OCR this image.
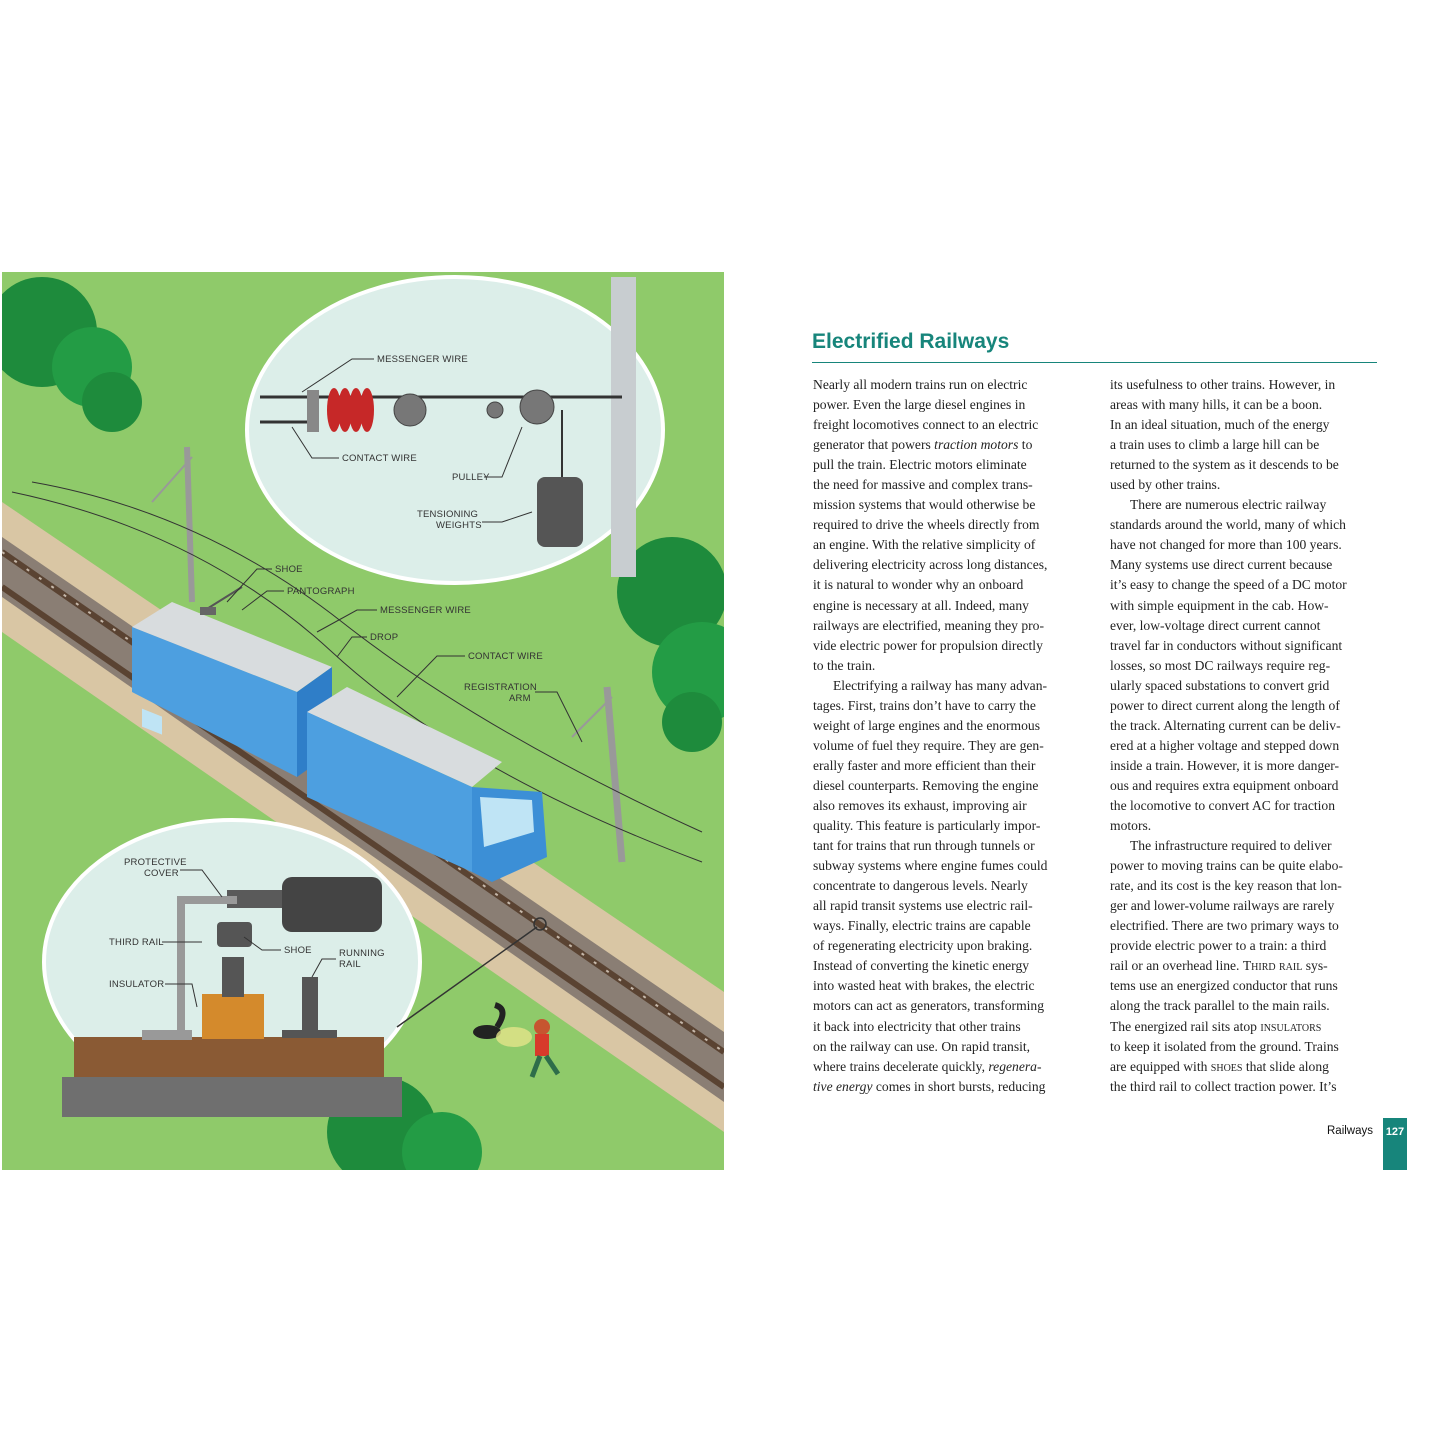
MESSENGER WIRE
CONTACT WIRE
PULLEY
TENSIONING
WEIGHTS
SHOE
PANTOGRAPH
MESSENGER WIRE
DROP
CONTACT WIRE
REGISTRATION
ARM
PROTECTIVE
COVER
THIRD RAIL
SHOE	RUNNING
RAIL
INSULATOR
Electrified Railways
Nearly all modern trains run on electric
power. Even the large diesel engines in
freight locomotives connect to an electric
generator that powers traction motors to
pull the train. Electric motors eliminate
the need for massive and complex trans-
mission systems that would otherwise be
required to drive the wheels directly from
an engine. With the relative simplicity of
delivering electricity across long distances,
it is natural to wonder why an onboard
engine is necessary at all. Indeed, many
railways are electrified, meaning they pro-
vide electric power for propulsion directly
to the train.
Electrifying a railway has many advan-
tages. First, trains don’t have to carry the
weight of large engines and the enormous
volume of fuel they require. They are gen-
erally faster and more efficient than their
diesel counterparts. Removing the engine
also removes its exhaust, improving air
quality. This feature is particularly impor-
tant for trains that run through tunnels or
subway systems where engine fumes could
concentrate to dangerous levels. Nearly
all rapid transit systems use electric rail-
ways. Finally, electric trains are capable
of regenerating electricity upon braking.
Instead of converting the kinetic energy
into wasted heat with brakes, the electric
motors can act as generators, transforming
it back into electricity that other trains
on the railway can use. On rapid transit,
where trains decelerate quickly, regenera-
tive energy comes in short bursts, reducing
its usefulness to other trains. However, in
areas with many hills, it can be a boon.
In an ideal situation, much of the energy
a train uses to climb a large hill can be
returned to the system as it descends to be
used by other trains.
There are numerous electric railway
standards around the world, many of which
have not changed for more than 100 years.
Many systems use direct current because
it’s easy to change the speed of a DC motor
with simple equipment in the cab. How-
ever, low-voltage direct current cannot
travel far in conductors without significant
losses, so most DC railways require reg-
ularly spaced substations to convert grid
power to direct current along the length of
the track. Alternating current can be deliv-
ered at a higher voltage and stepped down
inside a train. However, it is more danger-
ous and requires extra equipment onboard
the locomotive to convert AC for traction
motors.
The infrastructure required to deliver
power to moving trains can be quite elabo-
rate, and its cost is the key reason that lon-
ger and lower-volume railways are rarely
electrified. There are two primary ways to
provide electric power to a train: a third
rail or an overhead line. Third rail sys-
tems use an energized conductor that runs
along the track parallel to the main rails.
The energized rail sits atop insulators
to keep it isolated from the ground. Trains
are equipped with shoes that slide along
the third rail to collect traction power. It’s
Railways 127
